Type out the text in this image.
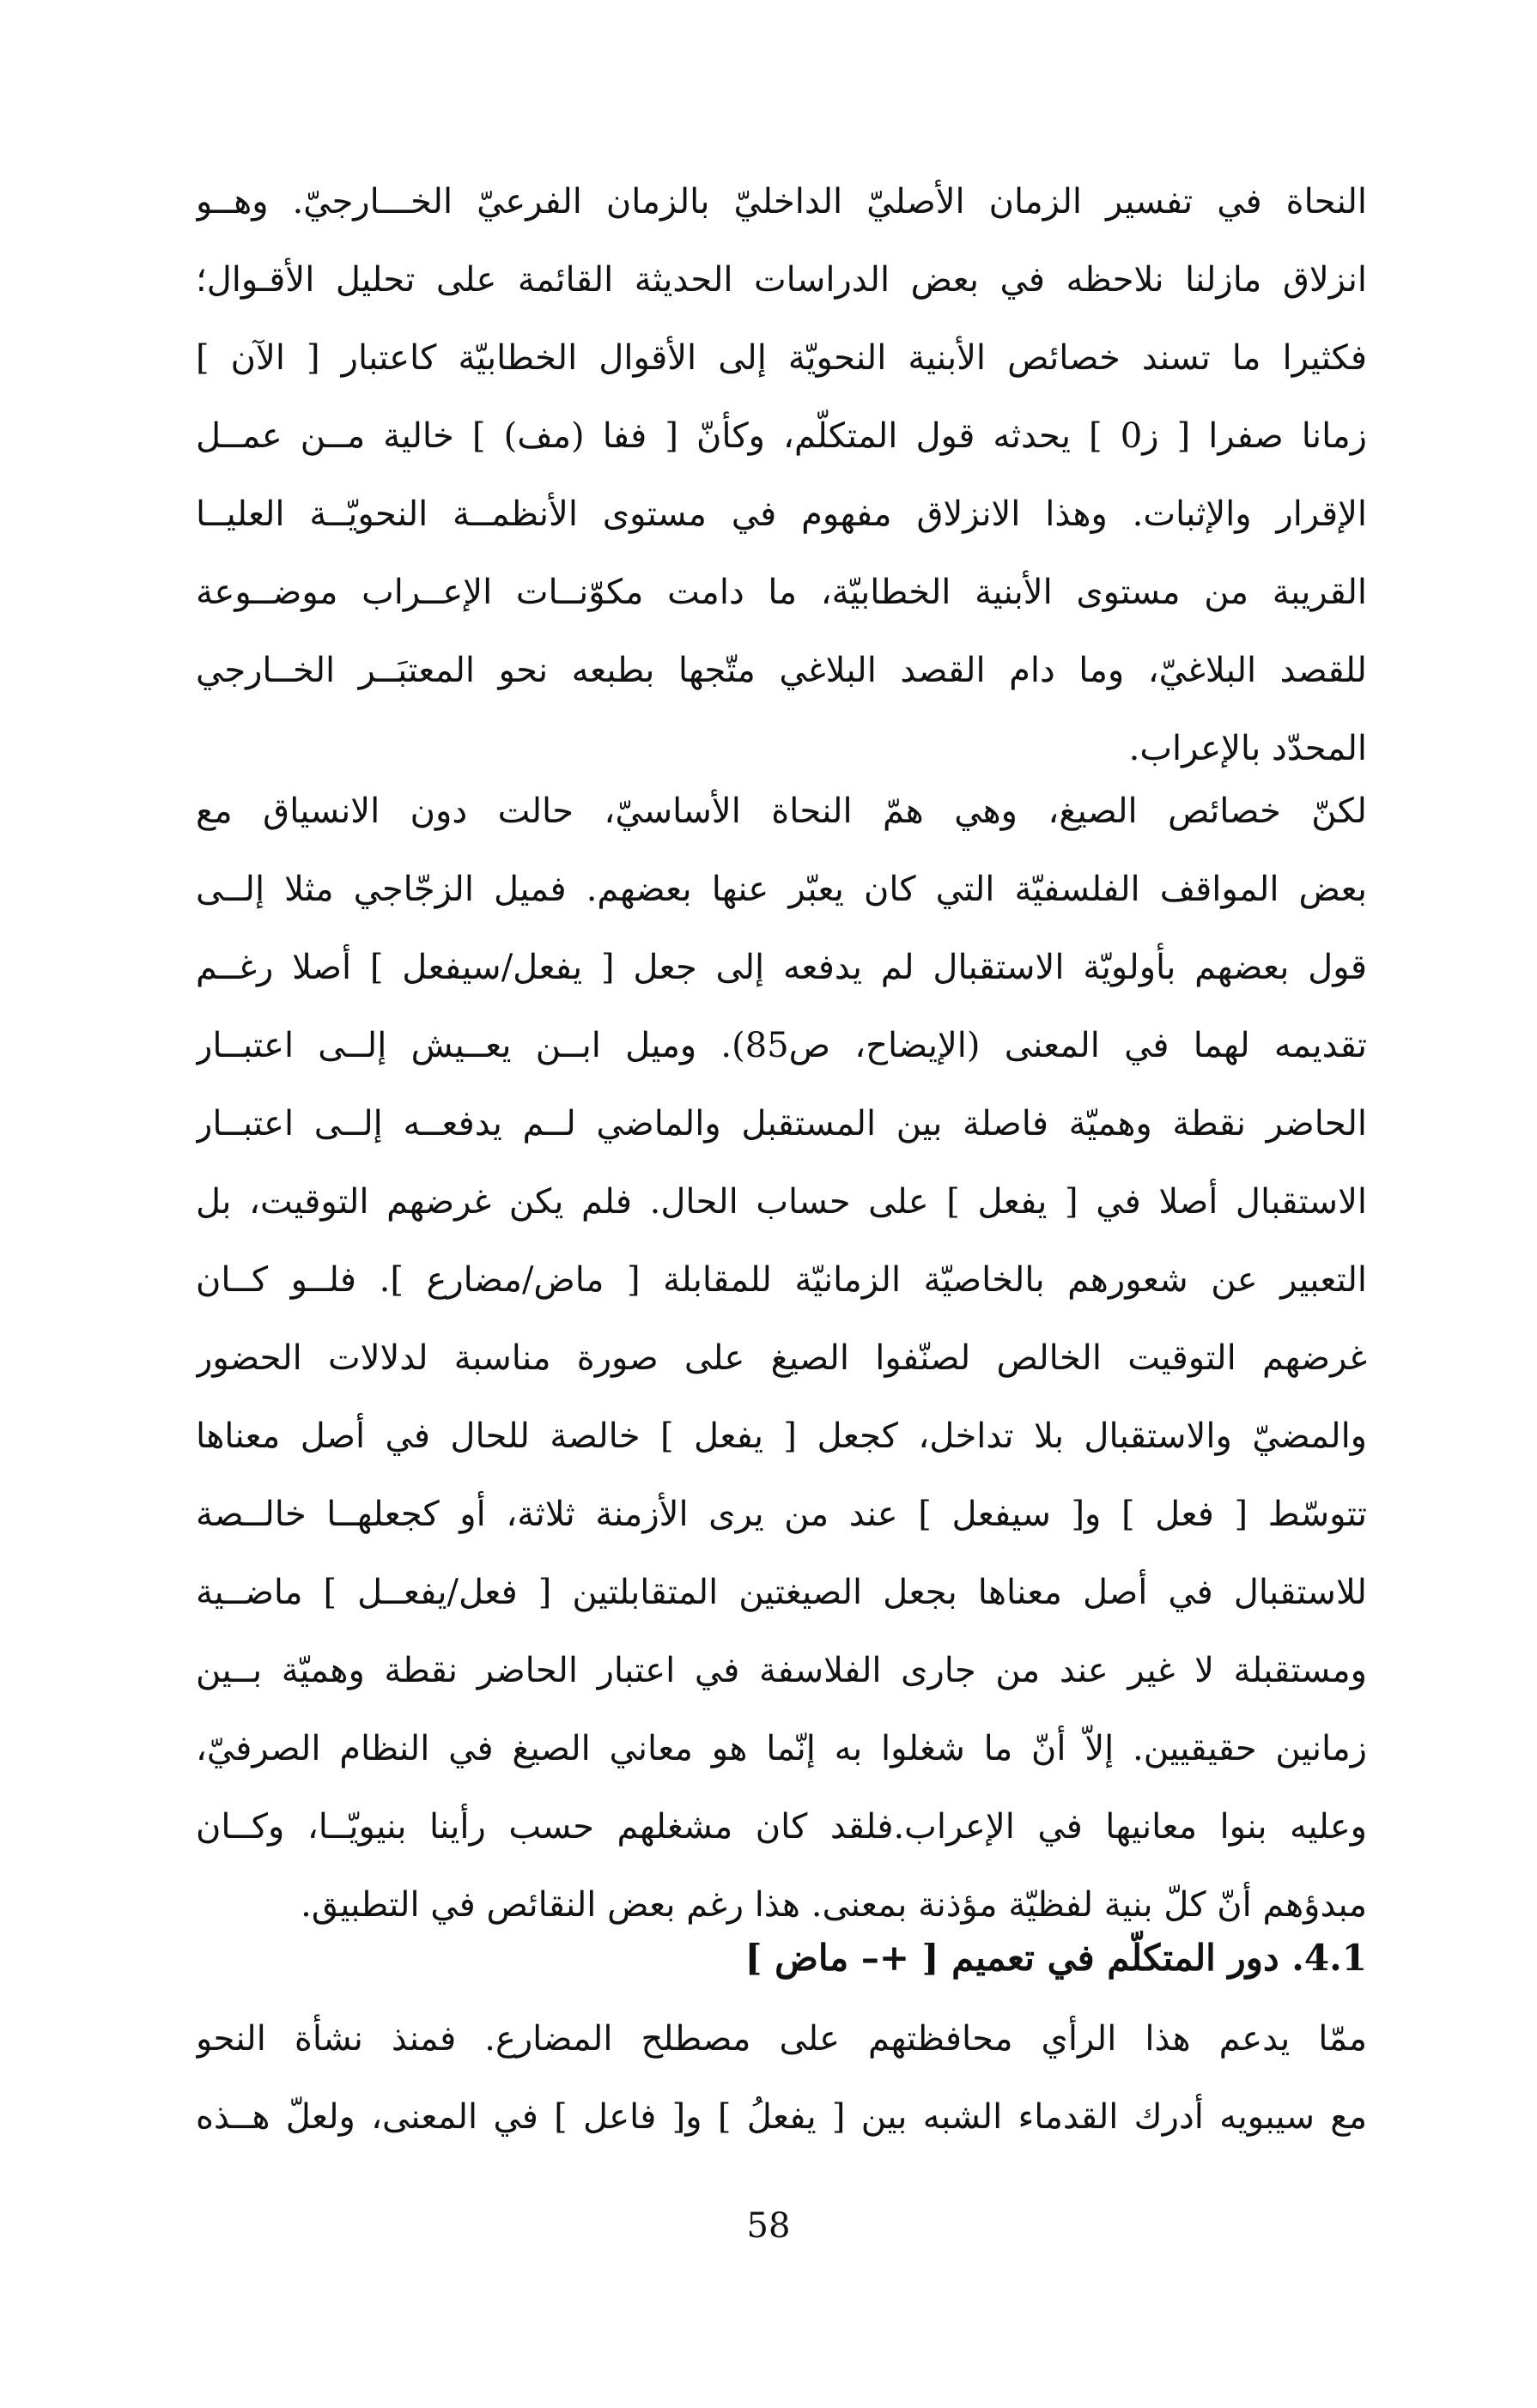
النحاة في تفسير الزمان الأصليّ الداخليّ بالزمان الفرعيّ الخـــارجيّ. وهــو
انزلاق مازلنا نلاحظه في بعض الدراسات الحديثة القائمة على تحليل الأقـوال؛
فكثيرا ما تسند خصائص الأبنية النحويّة إلى الأقوال الخطابيّة كاعتبار [ الآن ]
زمانا صفرا [ ز0 ] يحدثه قول المتكلّم، وكأنّ [ ففا (مف) ] خالية مــن عمــل
الإقرار والإثبات. وهذا الانزلاق مفهوم في مستوى الأنظمــة النحويّــة العليــا
القريبة من مستوى الأبنية الخطابيّة، ما دامت مكوّنــات الإعــراب موضــوعة
للقصد البلاغيّ، وما دام القصد البلاغي متّجها بطبعه نحو المعتبَــر الخــارجي
المحدّد بالإعراب.
لكنّ خصائص الصيغ، وهي همّ النحاة الأساسيّ، حالت دون الانسياق مع
بعض المواقف الفلسفيّة التي كان يعبّر عنها بعضهم. فميل الزجّاجي مثلا إلــى
قول بعضهم بأولويّة الاستقبال لم يدفعه إلى جعل [ يفعل/سيفعل ] أصلا رغــم
تقديمه لهما في المعنى (الإيضاح، ص85). وميل ابــن يعــيش إلــى اعتبــار
الحاضر نقطة وهميّة فاصلة بين المستقبل والماضي لــم يدفعــه إلــى اعتبــار
الاستقبال أصلا في [ يفعل ] على حساب الحال. فلم يكن غرضهم التوقيت، بل
التعبير عن شعورهم بالخاصيّة الزمانيّة للمقابلة [ ماض/مضارع ]. فلــو كــان
غرضهم التوقيت الخالص لصنّفوا الصيغ على صورة مناسبة لدلالات الحضور
والمضيّ والاستقبال بلا تداخل، كجعل [ يفعل ] خالصة للحال في أصل معناها
تتوسّط [ فعل ] و[ سيفعل ] عند من يرى الأزمنة ثلاثة، أو كجعلهــا خالــصة
للاستقبال في أصل معناها بجعل الصيغتين المتقابلتين [ فعل/يفعــل ] ماضــية
ومستقبلة لا غير عند من جارى الفلاسفة في اعتبار الحاضر نقطة وهميّة بــين
زمانين حقيقيين. إلاّ أنّ ما شغلوا به إنّما هو معاني الصيغ في النظام الصرفيّ،
وعليه بنوا معانيها في الإعراب.فلقد كان مشغلهم حسب رأينا بنيويّــا، وكــان
مبدؤهم أنّ كلّ بنية لفظيّة مؤذنة بمعنى. هذا رغم بعض النقائص في التطبيق.
4.1. دور المتكلّم في تعميم [ +– ماض ]
ممّا يدعم هذا الرأي محافظتهم على مصطلح المضارع. فمنذ نشأة النحو
مع سيبويه أدرك القدماء الشبه بين [ يفعلُ ] و[ فاعل ] في المعنى، ولعلّ هــذه
58
